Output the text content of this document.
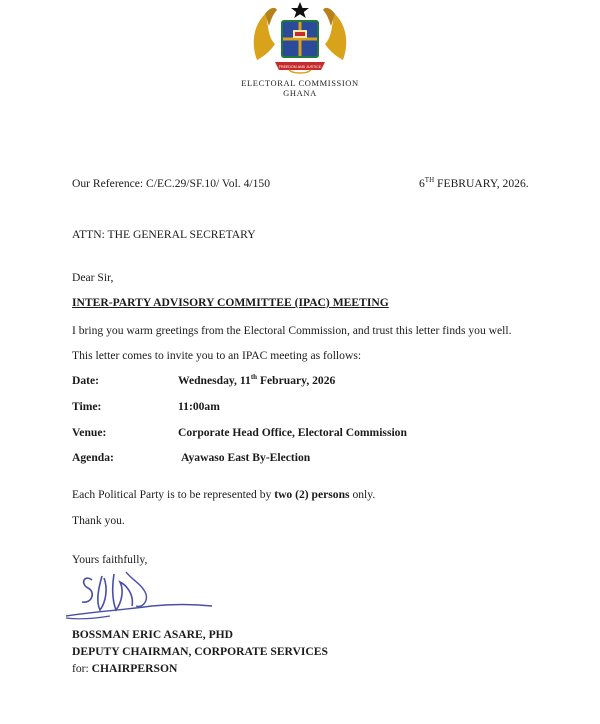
FREEDOM AND JUSTICE
ELECTORAL COMMISSION
GHANA
Our Reference: C/EC.29/SF.10/ Vol. 4/150	6TH FEBRUARY, 2026.
ATTN: THE GENERAL SECRETARY
Dear Sir,
INTER-PARTY ADVISORY COMMITTEE (IPAC) MEETING
I bring you warm greetings from the Electoral Commission, and trust this letter finds you well.
This letter comes to invite you to an IPAC meeting as follows:
Date:	Wednesday, 11th February, 2026
Time:	11:00am
Venue:	Corporate Head Office, Electoral Commission
Agenda:	Ayawaso East By-Election
Each Political Party is to be represented by two (2) persons only.
Thank you.
Yours faithfully,
BOSSMAN ERIC ASARE, PHD
DEPUTY CHAIRMAN, CORPORATE SERVICES
for: CHAIRPERSON
